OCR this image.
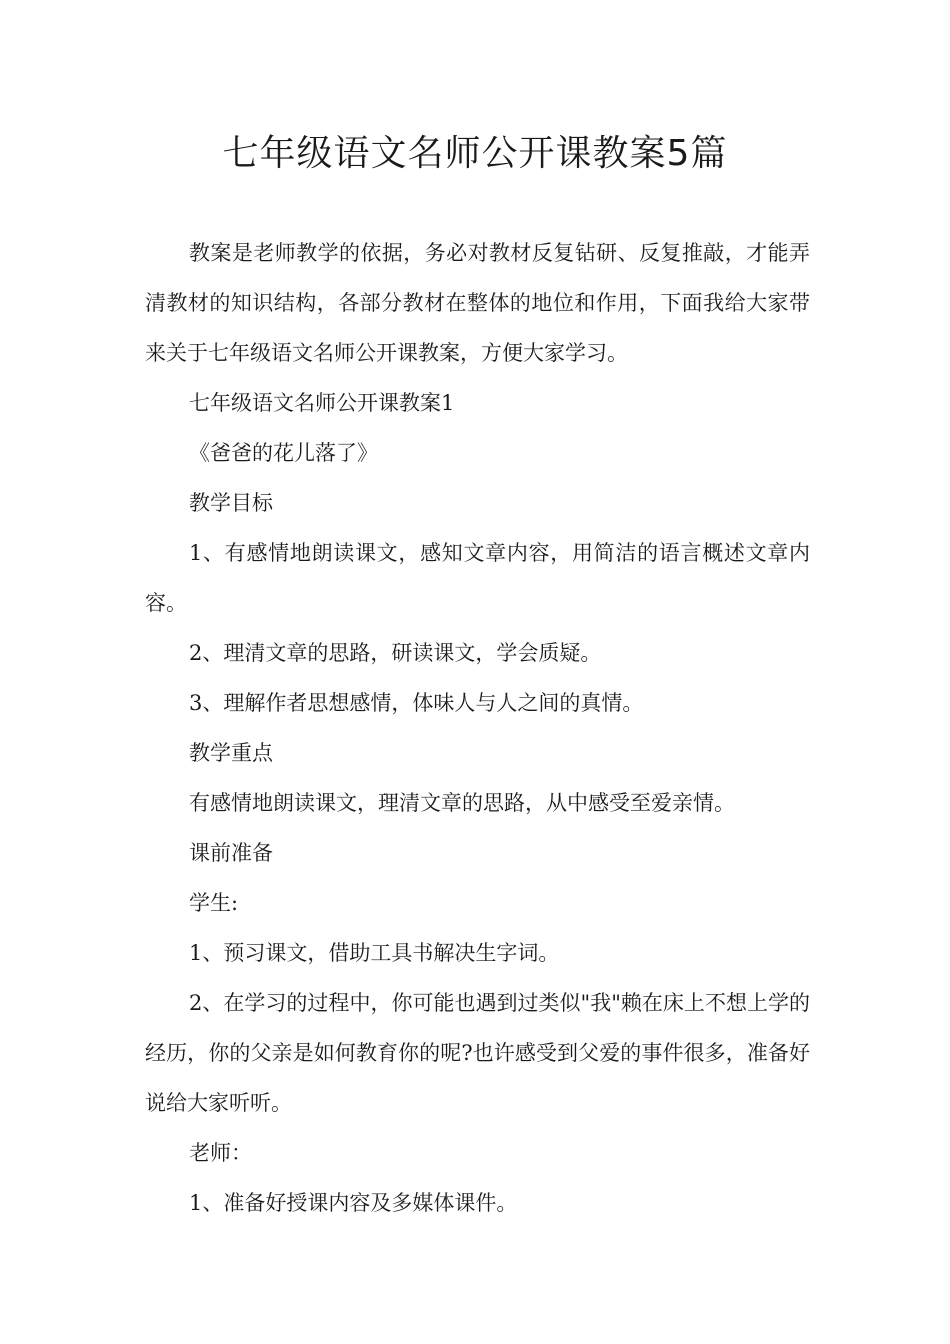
七年级语文名师公开课教案5篇

教案是老师教学的依据，务必对教材反复钻研、反复推敲，才能弄清教材的知识结构，各部分教材在整体的地位和作用，下面我给大家带来关于七年级语文名师公开课教案，方便大家学习。

七年级语文名师公开课教案1

《爸爸的花儿落了》

教学目标

1、有感情地朗读课文，感知文章内容，用简洁的语言概述文章内容。

2、理清文章的思路，研读课文，学会质疑。

3、理解作者思想感情，体味人与人之间的真情。

教学重点

有感情地朗读课文，理清文章的思路，从中感受至爱亲情。

课前准备

学生:

1、预习课文，借助工具书解决生字词。

2、在学习的过程中，你可能也遇到过类似"我"赖在床上不想上学的经历，你的父亲是如何教育你的呢?也许感受到父爱的事件很多，准备好说给大家听听。

老师：

1、准备好授课内容及多媒体课件。
